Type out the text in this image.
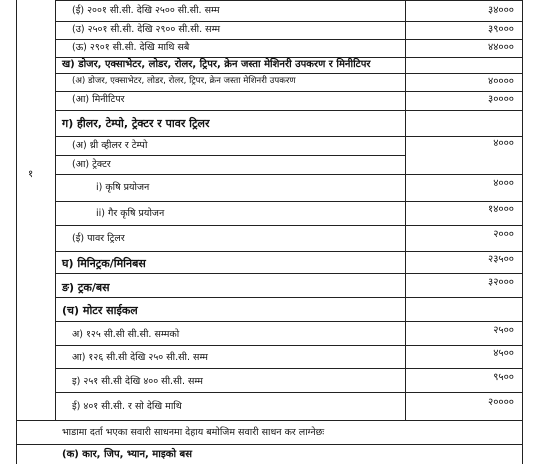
१
(ई) २००१ सी.सी. देखि २५०० सी.सी. सम्म	३४०००
(उ) २५०१ सी.सी. देखि २९०० सी.सी. सम्म	३९०००
(ऊ) २९०१ सी.सी. देखि माथि सबै	४४०००
ख) डोजर, एक्साभेटर, लोडर, रोलर, ट्रिपर, क्रेन जस्ता मेशिनरी उपकरण र मिनीटिपर
(अ) डोजर, एक्साभेटर, लोडर, रोलर, ट्रिपर, क्रेन जस्ता मेशिनरी उपकरण	४००००
(आ) मिनीटिपर	३००००
ग) हीलर, टेम्पो, ट्रेक्टर र पावर ट्रिलर
(अ) थ्री व्हीलर र टेम्पो	४०००
(आ) ट्रेक्टर
i) कृषि प्रयोजन	४०००
ii) गैर कृषि प्रयोजन	१४०००
(ई) पावर ट्रिलर	२०००
घ) मिनिट्रक/मिनिबस	२३५००
ङ) ट्रक/बस	३२०००
(च) मोटर साईकल
अ) १२५ सी.सी सी.सी. सम्मको	२५००
आ) १२६ सी.सी देखि २५० सी.सी. सम्म	४५००
इ) २५१ सी.सी देखि ४०० सी.सी. सम्म	९५००
ई) ४०१ सी.सी. र सो देखि माथि	२००००
भाडामा दर्ता भएका सवारी साधनमा देहाय बमोजिम सवारी साधन कर लाग्नेछः
(क) कार, जिप, भ्यान, माइको बस
